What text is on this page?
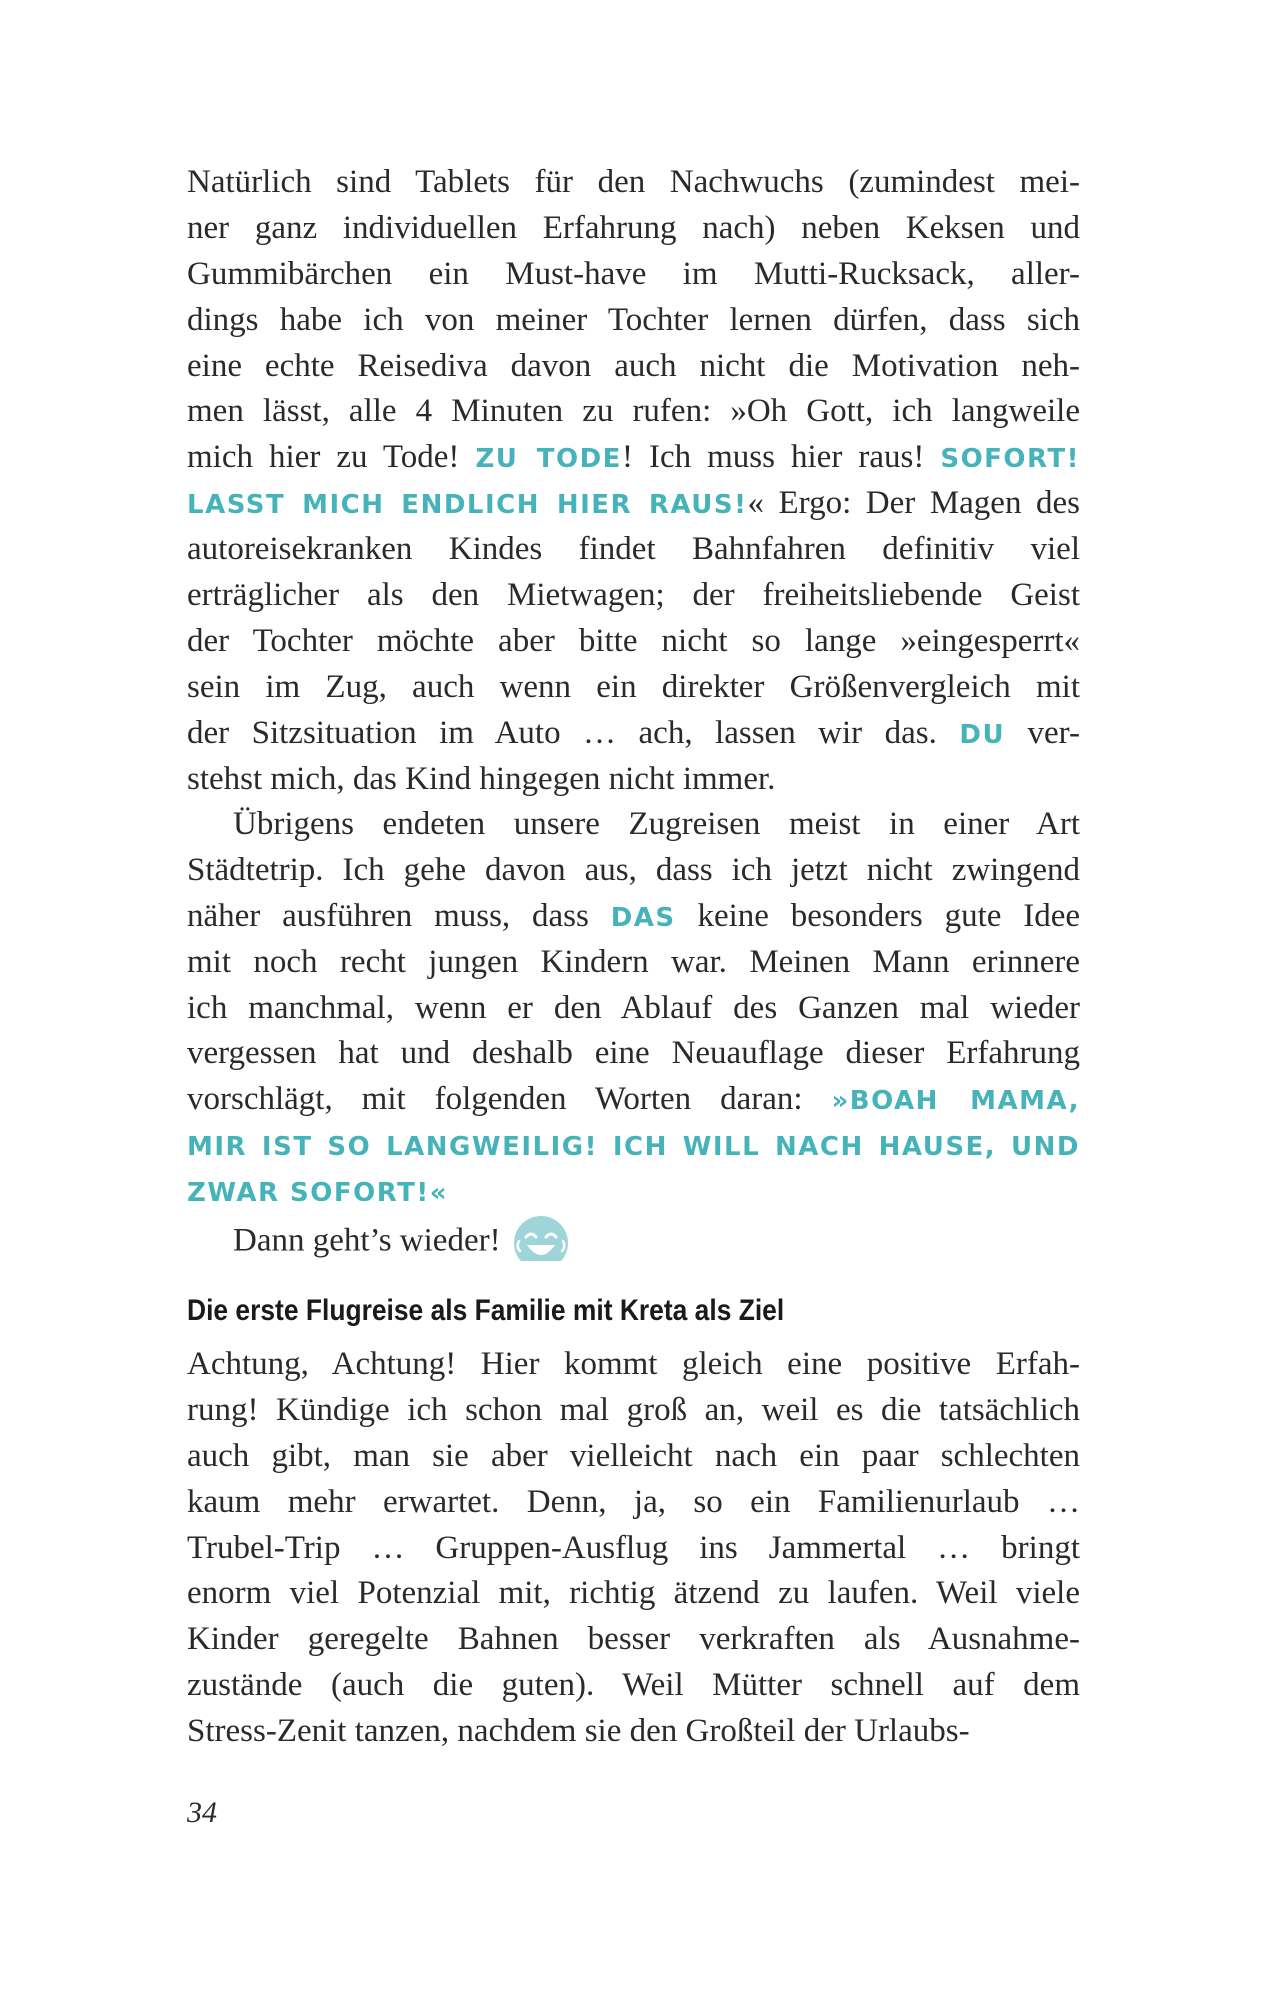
Natürlich sind Tablets für den Nachwuchs (zumindest mei-
ner ganz individuellen Erfahrung nach) neben Keksen und
Gummibärchen ein Must-have im Mutti-Rucksack, aller-
dings habe ich von meiner Tochter lernen dürfen, dass sich
eine echte Reisediva davon auch nicht die Motivation neh-
men lässt, alle 4 Minuten zu rufen: »Oh Gott, ich langweile
mich hier zu Tode! ZU TODE! Ich muss hier raus! SOFORT!
LASST MICH ENDLICH HIER RAUS!« Ergo: Der Magen des
autoreisekranken Kindes findet Bahnfahren definitiv viel
erträglicher als den Mietwagen; der freiheitsliebende Geist
der Tochter möchte aber bitte nicht so lange »eingesperrt«
sein im Zug, auch wenn ein direkter Größenvergleich mit
der Sitzsituation im Auto … ach, lassen wir das. DU ver-
stehst mich, das Kind hingegen nicht immer.
Übrigens endeten unsere Zugreisen meist in einer Art
Städtetrip. Ich gehe davon aus, dass ich jetzt nicht zwingend
näher ausführen muss, dass DAS keine besonders gute Idee
mit noch recht jungen Kindern war. Meinen Mann erinnere
ich manchmal, wenn er den Ablauf des Ganzen mal wieder
vergessen hat und deshalb eine Neuauflage dieser Erfahrung
vorschlägt, mit folgenden Worten daran: »BOAH MAMA,
MIR IST SO LANGWEILIG! ICH WILL NACH HAUSE, UND
ZWAR SOFORT!«
Dann geht’s wieder!
Die erste Flugreise als Familie mit Kreta als Ziel
Achtung, Achtung! Hier kommt gleich eine positive Erfah-
rung! Kündige ich schon mal groß an, weil es die tatsächlich
auch gibt, man sie aber vielleicht nach ein paar schlechten
kaum mehr erwartet. Denn, ja, so ein Familienurlaub …
Trubel-Trip … Gruppen-Ausflug ins Jammertal … bringt
enorm viel Potenzial mit, richtig ätzend zu laufen. Weil viele
Kinder geregelte Bahnen besser verkraften als Ausnahme-
zustände (auch die guten). Weil Mütter schnell auf dem
Stress-Zenit tanzen, nachdem sie den Großteil der Urlaubs-
34
